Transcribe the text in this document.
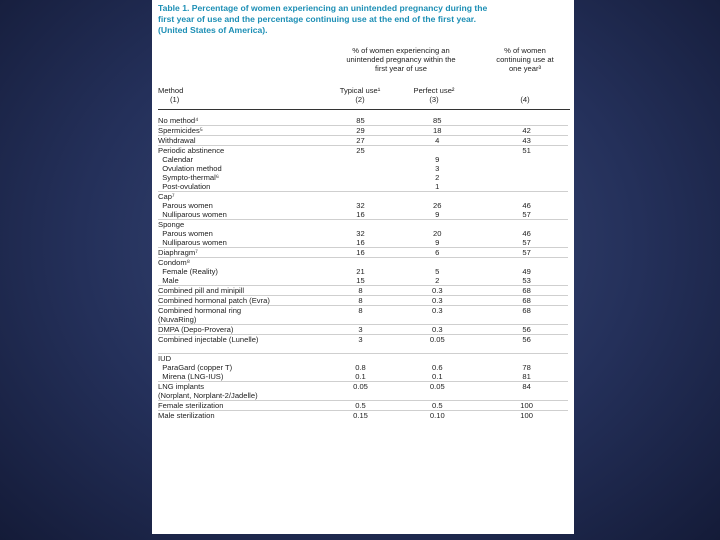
Table 1. Percentage of women experiencing an unintended pregnancy during the
first year of use and the percentage continuing use at the end of the first year.
(United States of America).
% of women experiencing an
unintended pregnancy within the
first year of use
% of women
continuing use at
one year³
Method	Typical use¹	Perfect use²
(1)	(2)	(3)	(4)
No method⁴	85	85	
Spermicides⁵	29	18	42
Withdrawal	27	4	43
Periodic abstinence	25		51
Calendar		9	
Ovulation method		3	
Sympto-thermal⁶		2	
Post-ovulation		1	
Cap⁷			
Parous women	32	26	46
Nulliparous women	16	9	57
Sponge			
Parous women	32	20	46
Nulliparous women	16	9	57
Diaphragm⁷	16	6	57
Condom⁸			
Female (Reality)	21	5	49
Male	15	2	53
Combined pill and minipill	8	0.3	68
Combined hormonal patch (Evra)	8	0.3	68
Combined hormonal ring	8	0.3	68
(NuvaRing)			
DMPA (Depo-Provera)	3	0.3	56
Combined injectable (Lunelle)	3	0.05	56

IUD			
ParaGard (copper T)	0.8	0.6	78
Mirena (LNG-IUS)	0.1	0.1	81
LNG implants	0.05	0.05	84
(Norplant, Norplant-2/Jadelle)			
Female sterilization	0.5	0.5	100
Male sterilization	0.15	0.10	100
